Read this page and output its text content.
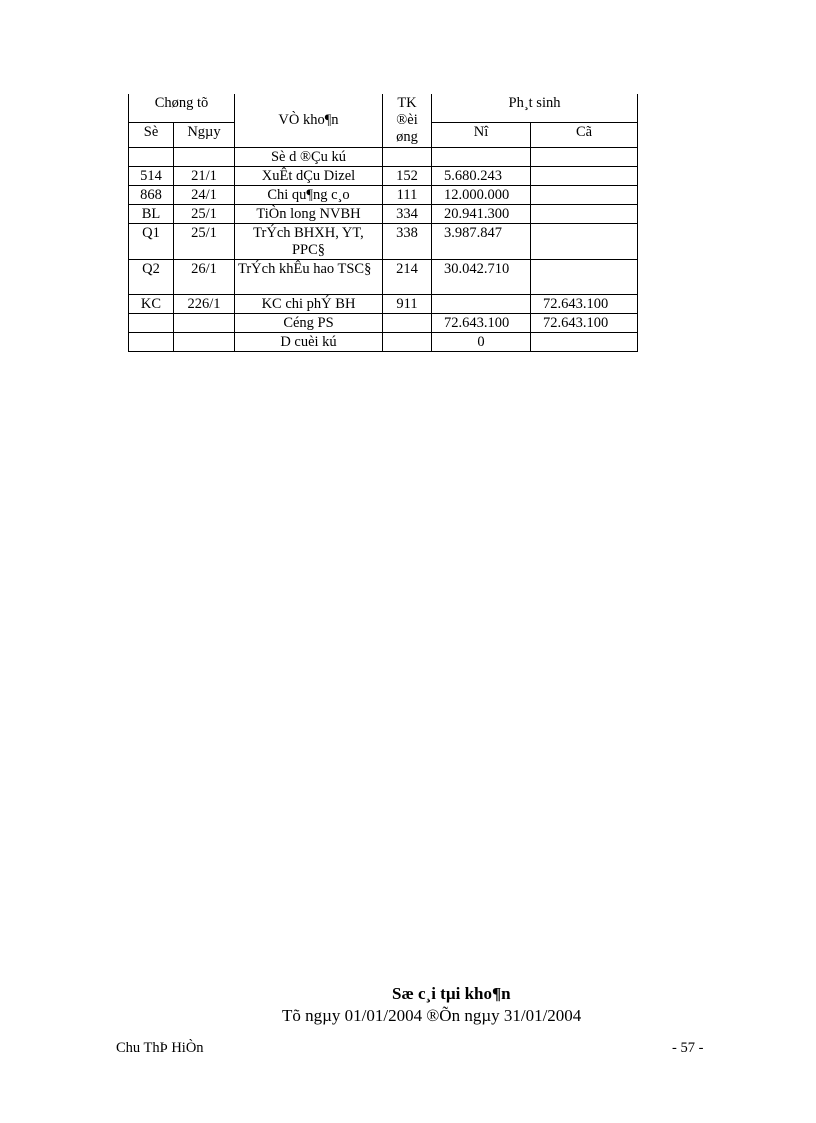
Chøng tõ		VÒ kho¶n	TK ®èi øng	Ph¸t sinh	
Sè	Ngµy			Nî	Cã
		Sè d ®Çu kú			
514	21/1	XuÊt dÇu Dizel	152	5.680.243	
868	24/1	Chi qu¶ng c¸o	111	12.000.000	
BL	25/1	TiÒn long NVBH	334	20.941.300	
Q1	25/1	TrÝch BHXH, YT, PPC§	338	3.987.847	
Q2	26/1	TrÝch khÊu hao TSC§	214	30.042.710	
KC	226/1	KC chi phÝ BH	911		72.643.100
		Céng PS		72.643.100	72.643.100
		D cuèi kú		0	
Sæ c¸i tµi kho¶n
Tõ ngµy 01/01/2004 ®Õn ngµy 31/01/2004
Chu ThÞ HiÒn	- 57 -
